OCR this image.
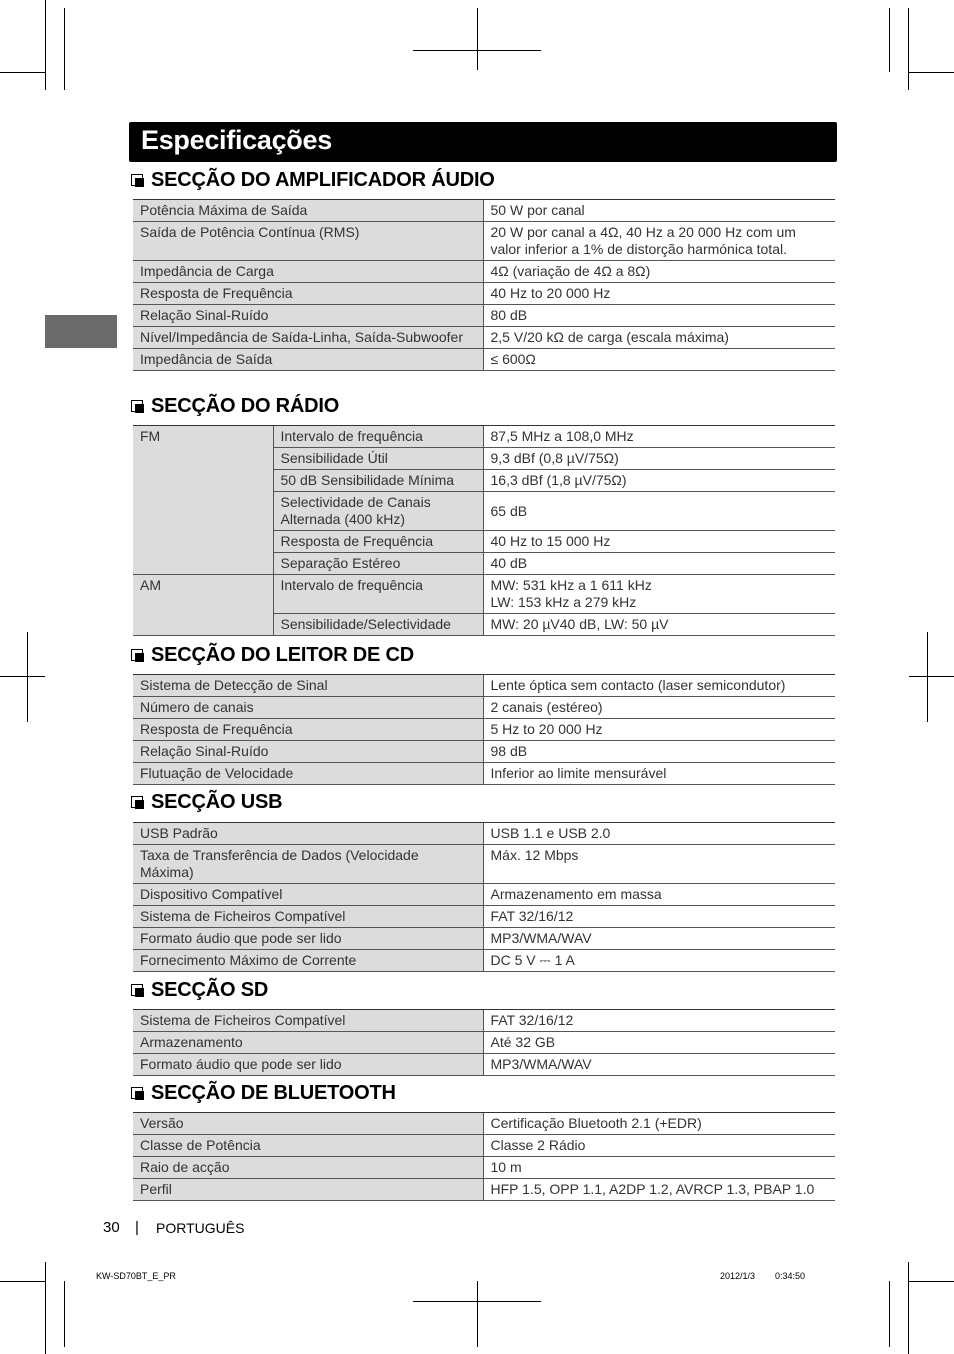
Especificações
SECÇÃO DO AMPLIFICADOR ÁUDIO
Potência Máxima de Saída	50 W por canal
Saída de Potência Contínua (RMS)	20 W por canal a 4Ω, 40 Hz a 20 000 Hz com um valor inferior a 1% de distorção harmónica total.
Impedância de Carga	4Ω (variação de 4Ω a 8Ω)
Resposta de Frequência	40 Hz to 20 000 Hz
Relação Sinal-Ruído	80 dB
Nível/Impedância de Saída-Linha, Saída-Subwoofer	2,5 V/20 kΩ de carga (escala máxima)
Impedância de Saída	≤ 600Ω
SECÇÃO DO RÁDIO
FM	Intervalo de frequência	87,5 MHz a 108,0 MHz
	Sensibilidade Útil	9,3 dBf (0,8 µV/75Ω)
	50 dB Sensibilidade Mínima	16,3 dBf (1,8 µV/75Ω)
	Selectividade de Canais Alternada (400 kHz)	65 dB
	Resposta de Frequência	40 Hz to 15 000 Hz
	Separação Estéreo	40 dB
AM	Intervalo de frequência	MW: 531 kHz a 1 611 kHz
LW: 153 kHz a 279 kHz

	Sensibilidade/Selectividade	MW: 20 µV40 dB, LW: 50 µV
SECÇÃO DO LEITOR DE CD
Sistema de Detecção de Sinal	Lente óptica sem contacto (laser semicondutor)
Número de canais	2 canais (estéreo)
Resposta de Frequência	5 Hz to 20 000 Hz
Relação Sinal-Ruído	98 dB
Flutuação de Velocidade	Inferior ao limite mensurável
SECÇÃO USB
USB Padrão	USB 1.1 e USB 2.0
Taxa de Transferência de Dados (Velocidade Máxima)	Máx. 12 Mbps
Dispositivo Compatível	Armazenamento em massa
Sistema de Ficheiros Compatível	FAT 32/16/12
Formato áudio que pode ser lido	MP3/WMA/WAV
Fornecimento Máximo de Corrente	DC 5 V ⎓ 1 A
SECÇÃO SD
Sistema de Ficheiros Compatível	FAT 32/16/12
Armazenamento	Até 32 GB
Formato áudio que pode ser lido	MP3/WMA/WAV
SECÇÃO DE BLUETOOTH
Versão	Certificação Bluetooth 2.1 (+EDR)
Classe de Potência	Classe 2 Rádio
Raio de acção	10 m
Perfil	HFP 1.5, OPP 1.1, A2DP 1.2, AVRCP 1.3, PBAP 1.0
30 | PORTUGUÊS
KW-SD70BT_E_PR	2012/1/3 0:34:50
